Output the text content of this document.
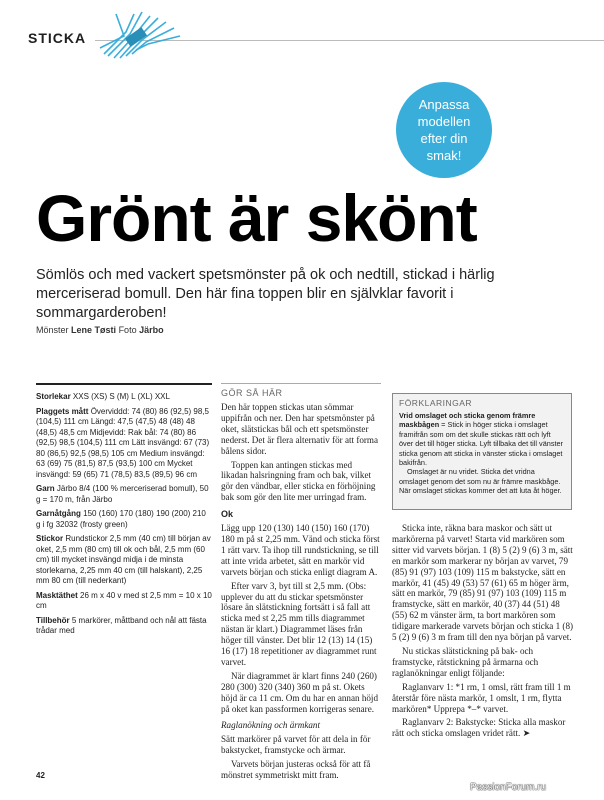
STICKA
Anpassa modellen efter din smak!
Grönt är skönt

Sömlös och med vackert spetsmönster på ok och nedtill, stickad i härlig merceriserad bomull. Den här fina toppen blir en självklar favorit i sommargarderoben!

Mönster Lene Tøsti Foto Järbo

Storlekar XXS (XS) S (M) L (XL) XXL

Plaggets mått Överviddd: 74 (80) 86 (92,5) 98,5 (104,5) 111 cm Längd: 47,5 (47,5) 48 (48) 48 (48,5) 48,5 cm Midjevidd: Rak bål: 74 (80) 86 (92,5) 98,5 (104,5) 111 cm Lätt insvängd: 67 (73) 80 (86,5) 92,5 (98,5) 105 cm Medium insvängd: 63 (69) 75 (81,5) 87,5 (93,5) 100 cm Mycket insvängd: 59 (65) 71 (78,5) 83,5 (89,5) 96 cm

Garn Järbo 8/4 (100 % merceriserad bomull), 50 g = 170 m, från Järbo

Garnåtgång 150 (160) 170 (180) 190 (200) 210 g i fg 32032 (frosty green)

Stickor Rundstickor 2,5 mm (40 cm) till början av oket, 2,5 mm (80 cm) till ok och bål, 2,5 mm (60 cm) till mycket insvängd midja i de minsta storlekarna, 2,25 mm 40 cm (till halskant), 2,25 mm 80 cm (till nederkant)

Masktäthet 26 m x 40 v med st 2,5 mm = 10 x 10 cm

Tillbehör 5 markörer, måttband och nål att fästa trådar med

GÖR SÅ HÄR

Den här toppen stickas utan sömmar uppifrån och ner. Den har spetsmönster på oket, slätstickas bål och ett spetsmönster nederst. Det är flera alternativ för att forma bålens sidor.

Toppen kan antingen stickas med likadan halsringning fram och bak, vilket gör den vändbar, eller sticka en förhöjning bak som gör den lite mer urringad fram.

Ok

Lägg upp 120 (130) 140 (150) 160 (170) 180 m på st 2,25 mm. Vänd och sticka först 1 rätt varv. Ta ihop till rundstickning, se till att inte vrida arbetet, sätt en markör vid varvets början och sticka enligt diagram A.

Efter varv 3, byt till st 2,5 mm. (Obs: upplever du att du stickar spetsmönster lösare än slätstickning fortsätt i så fall att sticka med st 2,25 mm tills diagrammet nästan är klart.) Diagrammet läses från höger till vänster. Det blir 12 (13) 14 (15) 16 (17) 18 repetitioner av diagrammet runt varvet.

När diagrammet är klart finns 240 (260) 280 (300) 320 (340) 360 m på st. Okets höjd är ca 11 cm. Om du har en annan höjd på oket kan passformen korrigeras senare.

Raglanökning och ärmkant

Sätt markörer på varvet för att dela in för bakstycket, framstycke och ärmar.

Varvets början justeras också för att få mönstret symmetriskt mitt fram.

FÖRKLARINGAR
Vrid omslaget och sticka genom främre maskbågen = Stick in höger sticka i omslaget framifrån som om det skulle stickas rätt och lyft över det till höger sticka. Lyft tillbaka det till vänster sticka genom att sticka in vänster sticka i omslaget bakifrån.
Omslaget är nu vridet. Sticka det vridna omslaget genom det som nu är främre maskbåge. När omslaget stickas kommer det att luta åt höger.

Sticka inte, räkna bara maskor och sätt ut markörerna på varvet! Starta vid markören som sitter vid varvets början. 1 (8) 5 (2) 9 (6) 3 m, sätt en markör som markerar ny början av varvet, 79 (85) 91 (97) 103 (109) 115 m bakstycke, sätt en markör, 41 (45) 49 (53) 57 (61) 65 m höger ärm, sätt en markör, 79 (85) 91 (97) 103 (109) 115 m framstycke, sätt en markör, 40 (37) 44 (51) 48 (55) 62 m vänster ärm, ta bort markören som tidigare markerade varvets början och sticka 1 (8) 5 (2) 9 (6) 3 m fram till den nya början på varvet.

Nu stickas slätstickning på bak- och framstycke, rätstickning på ärmarna och raglanökningar enligt följande:

Raglanvarv 1: *1 rm, 1 omsl, rätt fram till 1 m återstår före nästa markör, 1 omslt, 1 rm, flytta markören* Upprepa *–* varvet.

Raglanvarv 2: Bakstycke: Sticka alla maskor rätt och sticka omslagen vridet rätt. ➤

42
PassionForum.ru
